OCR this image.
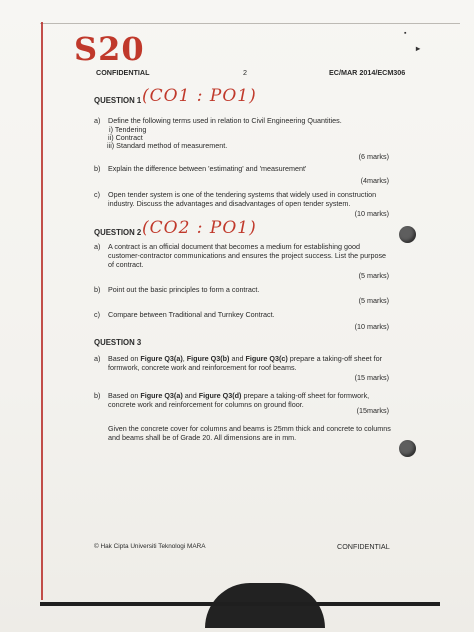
▪
▸
S20
CONFIDENTIAL	2	EC/MAR 2014/ECM306
QUESTION 1 (CO1 : PO1)
a) Define the following terms used in relation to Civil Engineering Quantities.
i) Tendering
ii) Contract
iii) Standard method of measurement.
(6 marks)
b) Explain the difference between 'estimating' and 'measurement'
(4marks)
c) Open tender system is one of the tendering systems that widely used in construction industry. Discuss the advantages and disadvantages of open tender system.
(10 marks)
QUESTION 2 (CO2 : PO1)
a) A contract is an official document that becomes a medium for establishing good customer-contractor communications and ensures the project success. List the purpose of contract.
(5 marks)
b) Point out the basic principles to form a contract.
(5 marks)
c) Compare between Traditional and Turnkey Contract.
(10 marks)
QUESTION 3
a) Based on Figure Q3(a), Figure Q3(b) and Figure Q3(c) prepare a taking-off sheet for formwork, concrete work and reinforcement for roof beams.
(15 marks)
b) Based on Figure Q3(a) and Figure Q3(d) prepare a taking-off sheet for formwork, concrete work and reinforcement for columns on ground floor.
(15marks)
Given the concrete cover for columns and beams is 25mm thick and concrete to columns and beams shall be of Grade 20. All dimensions are in mm.
© Hak Cipta Universiti Teknologi MARA	CONFIDENTIAL
